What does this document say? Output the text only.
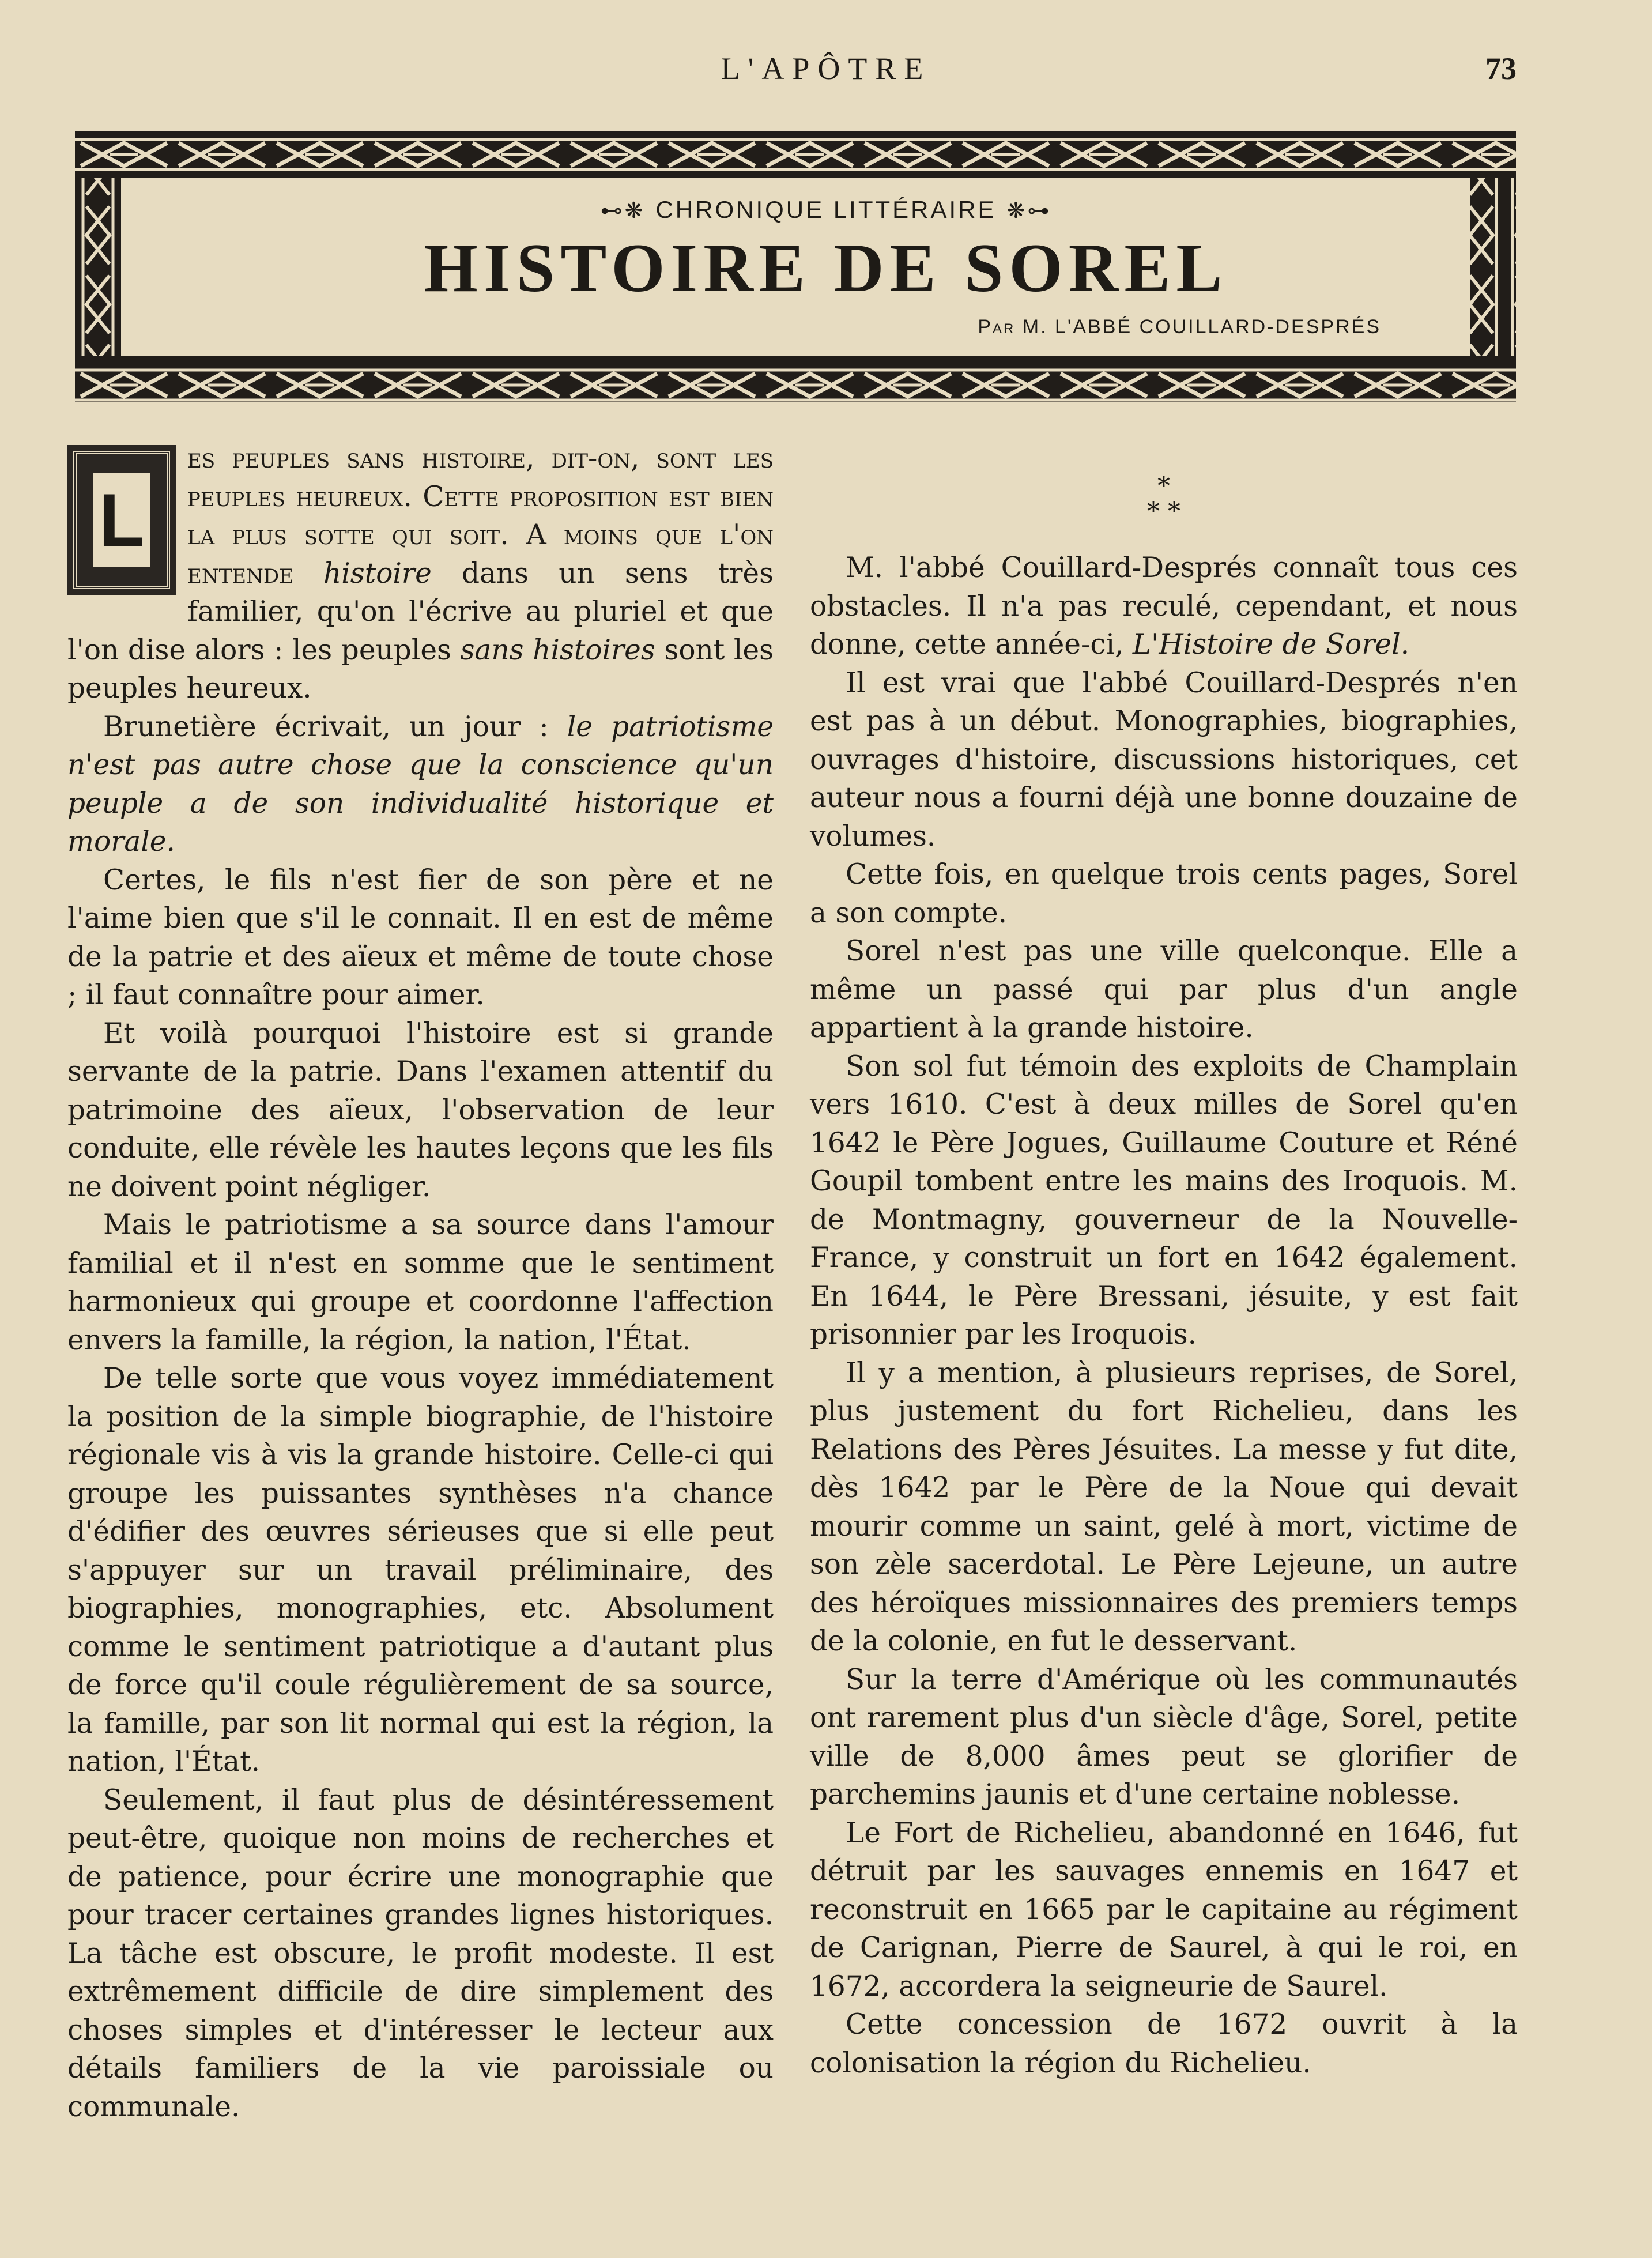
L'APÔTRE	73
⊷❋ CHRONIQUE LITTÉRAIRE ❋⊶
HISTOIRE DE SOREL
Par M. L'ABBÉ COUILLARD-DESPRÉS

L
es peuples sans histoire, dit-on, sont les peuples heureux. Cette proposition est bien la plus sotte qui soit. A moins que l'on entende histoire dans un sens très familier, qu'on l'écrive au pluriel et que l'on dise alors : les peuples sans histoires sont les peuples heureux.

Brunetière écrivait, un jour : le patriotisme n'est pas autre chose que la conscience qu'un peuple a de son individualité historique et morale.

Certes, le fils n'est fier de son père et ne l'aime bien que s'il le connait. Il en est de même de la patrie et des aïeux et même de toute chose ; il faut connaître pour aimer.

Et voilà pourquoi l'histoire est si grande servante de la patrie. Dans l'examen attentif du patrimoine des aïeux, l'observation de leur conduite, elle révèle les hautes leçons que les fils ne doivent point négliger.

Mais le patriotisme a sa source dans l'amour familial et il n'est en somme que le sentiment harmonieux qui groupe et coordonne l'affection envers la famille, la région, la nation, l'État.

De telle sorte que vous voyez immédiatement la position de la simple biographie, de l'histoire régionale vis à vis la grande histoire. Celle-ci qui groupe les puissantes synthèses n'a chance d'édifier des œuvres sérieuses que si elle peut s'appuyer sur un travail préliminaire, des biographies, monographies, etc. Absolument comme le sentiment patriotique a d'autant plus de force qu'il coule régulièrement de sa source, la famille, par son lit normal qui est la région, la nation, l'État.

Seulement, il faut plus de désintéressement peut-être, quoique non moins de recherches et de patience, pour écrire une monographie que pour tracer certaines grandes lignes historiques. La tâche est obscure, le profit modeste. Il est extrêmement difficile de dire simplement des choses simples et d'intéresser le lecteur aux détails familiers de la vie paroissiale ou communale.

*
* *

M. l'abbé Couillard-Després connaît tous ces obstacles. Il n'a pas reculé, cependant, et nous donne, cette année-ci, L'Histoire de Sorel.

Il est vrai que l'abbé Couillard-Després n'en est pas à un début. Monographies, biographies, ouvrages d'histoire, discussions historiques, cet auteur nous a fourni déjà une bonne douzaine de volumes.

Cette fois, en quelque trois cents pages, Sorel a son compte.

Sorel n'est pas une ville quelconque. Elle a même un passé qui par plus d'un angle appartient à la grande histoire.

Son sol fut témoin des exploits de Champlain vers 1610. C'est à deux milles de Sorel qu'en 1642 le Père Jogues, Guillaume Couture et Réné Goupil tombent entre les mains des Iroquois. M. de Montmagny, gouverneur de la Nouvelle-France, y construit un fort en 1642 également. En 1644, le Père Bressani, jésuite, y est fait prisonnier par les Iroquois.

Il y a mention, à plusieurs reprises, de Sorel, plus justement du fort Richelieu, dans les Relations des Pères Jésuites. La messe y fut dite, dès 1642 par le Père de la Noue qui devait mourir comme un saint, gelé à mort, victime de son zèle sacerdotal. Le Père Lejeune, un autre des héroïques missionnaires des premiers temps de la colonie, en fut le desservant.

Sur la terre d'Amérique où les communautés ont rarement plus d'un siècle d'âge, Sorel, petite ville de 8,000 âmes peut se glorifier de parchemins jaunis et d'une certaine noblesse.

Le Fort de Richelieu, abandonné en 1646, fut détruit par les sauvages ennemis en 1647 et reconstruit en 1665 par le capitaine au régiment de Carignan, Pierre de Saurel, à qui le roi, en 1672, accordera la seigneurie de Saurel.

Cette concession de 1672 ouvrit à la colonisation la région du Richelieu.
